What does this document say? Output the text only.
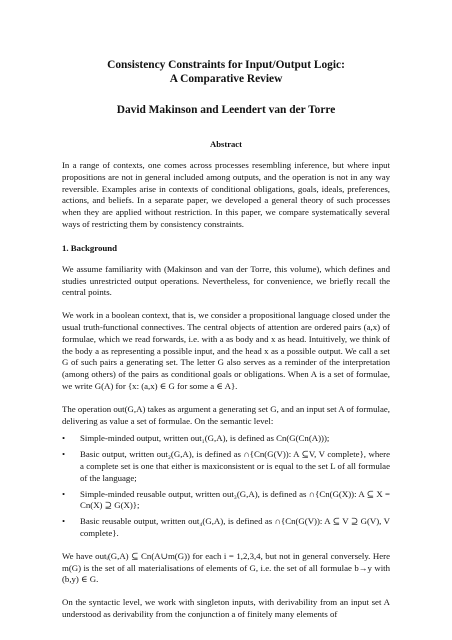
Consistency Constraints for Input/Output Logic:
A Comparative Review
David Makinson and Leendert van der Torre
Abstract

In a range of contexts, one comes across processes resembling inference, but where input propositions are not in general included among outputs, and the operation is not in any way reversible. Examples arise in contexts of conditional obligations, goals, ideals, preferences, actions, and beliefs. In a separate paper, we developed a general theory of such processes when they are applied without restriction. In this paper, we compare systematically several ways of restricting them by consistency constraints.

1. Background

We assume familiarity with (Makinson and van der Torre, this volume), which defines and studies unrestricted output operations. Nevertheless, for convenience, we briefly recall the central points.

We work in a boolean context, that is, we consider a propositional language closed under the usual truth-functional connectives. The central objects of attention are ordered pairs (a,x) of formulae, which we read forwards, i.e. with a as body and x as head. Intuitively, we think of the body a as representing a possible input, and the head x as a possible output. We call a set G of such pairs a generating set. The letter G also serves as a reminder of the interpretation (among others) of the pairs as conditional goals or obligations. When A is a set of formulae, we write G(A) for {x: (a,x) ∈ G for some a ∈ A}.

The operation out(G,A) takes as argument a generating set G, and an input set A of formulae, delivering as value a set of formulae. On the semantic level:

• Simple-minded output, written out₁(G,A), is defined as Cn(G(Cn(A)));
• Basic output, written out₂(G,A), is defined as ∩{Cn(G(V)): A ⊆V, V complete}, where a complete set is one that either is maxiconsistent or is equal to the set L of all formulae of the language;
• Simple-minded reusable output, written out₃(G,A), is defined as ∩{Cn(G(X)): A ⊆ X = Cn(X) ⊇ G(X)};
• Basic reusable output, written out₄(G,A), is defined as ∩{Cn(G(V)): A ⊆ V ⊇ G(V), V complete}.

We have outᵢ(G,A) ⊆ Cn(A∪m(G)) for each i = 1,2,3,4, but not in general conversely. Here m(G) is the set of all materialisations of elements of G, i.e. the set of all formulae b→y with (b,y) ∈ G.

On the syntactic level, we work with singleton inputs, with derivability from an input set A understood as derivability from the conjunction a of finitely many elements of
